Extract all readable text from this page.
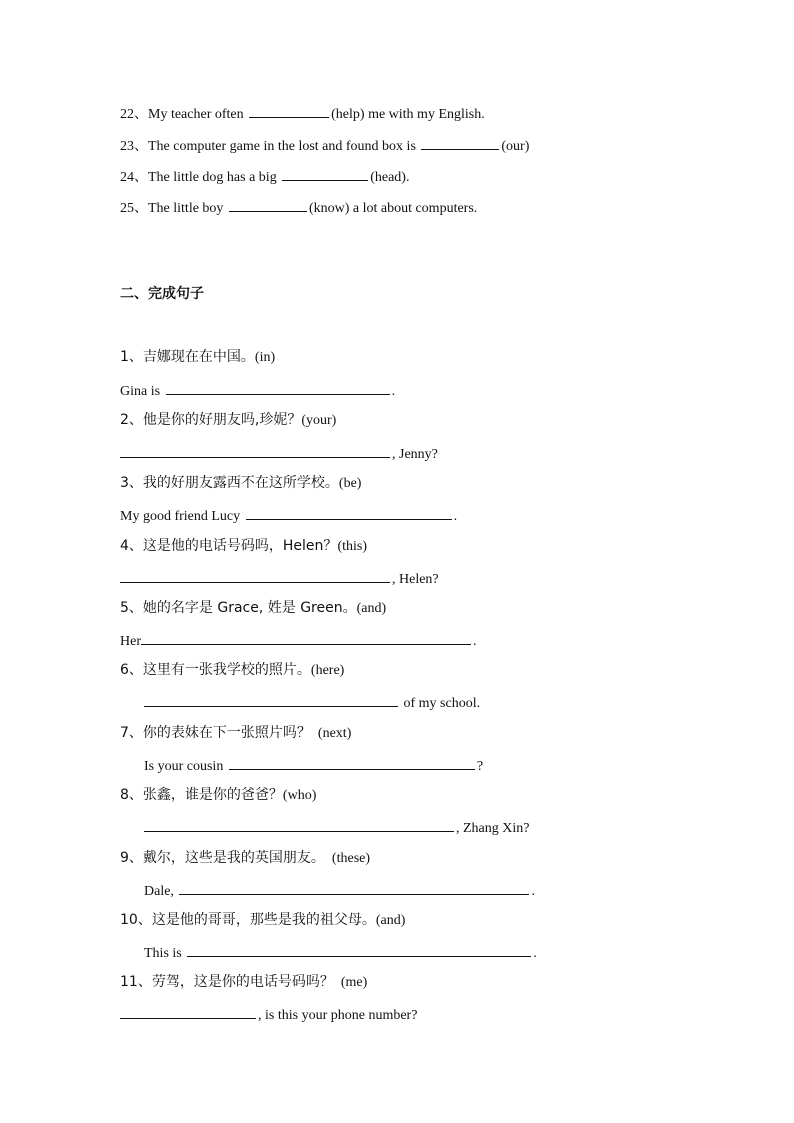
22、My teacher often	(help) me with my English.
23、The computer game in the lost and found box is	(our)
24、The little dog has a big	(head).
25、The little boy	(know) a lot about computers.
二、完成句子
1、吉娜现在在中国。(in)
Gina is	.
2、他是你的好朋友吗,珍妮？(your)
, Jenny?
3、我的好朋友露西不在这所学校。(be)
My good friend Lucy	.
4、这是他的电话号码吗，Helen？(this)
, Helen?
5、她的名字是 Grace, 姓是 Green。(and)
Her	.
6、这里有一张我学校的照片。(here)
of my school.
7、你的表妹在下一张照片吗？ (next)
Is your cousin	?
8、张鑫，谁是你的爸爸？(who)
, Zhang Xin?
9、戴尔，这些是我的英国朋友。 (these)
Dale,	.
10、这是他的哥哥，那些是我的祖父母。(and)
This is	.
11、劳驾，这是你的电话号码吗？ (me)
, is this your phone number?
